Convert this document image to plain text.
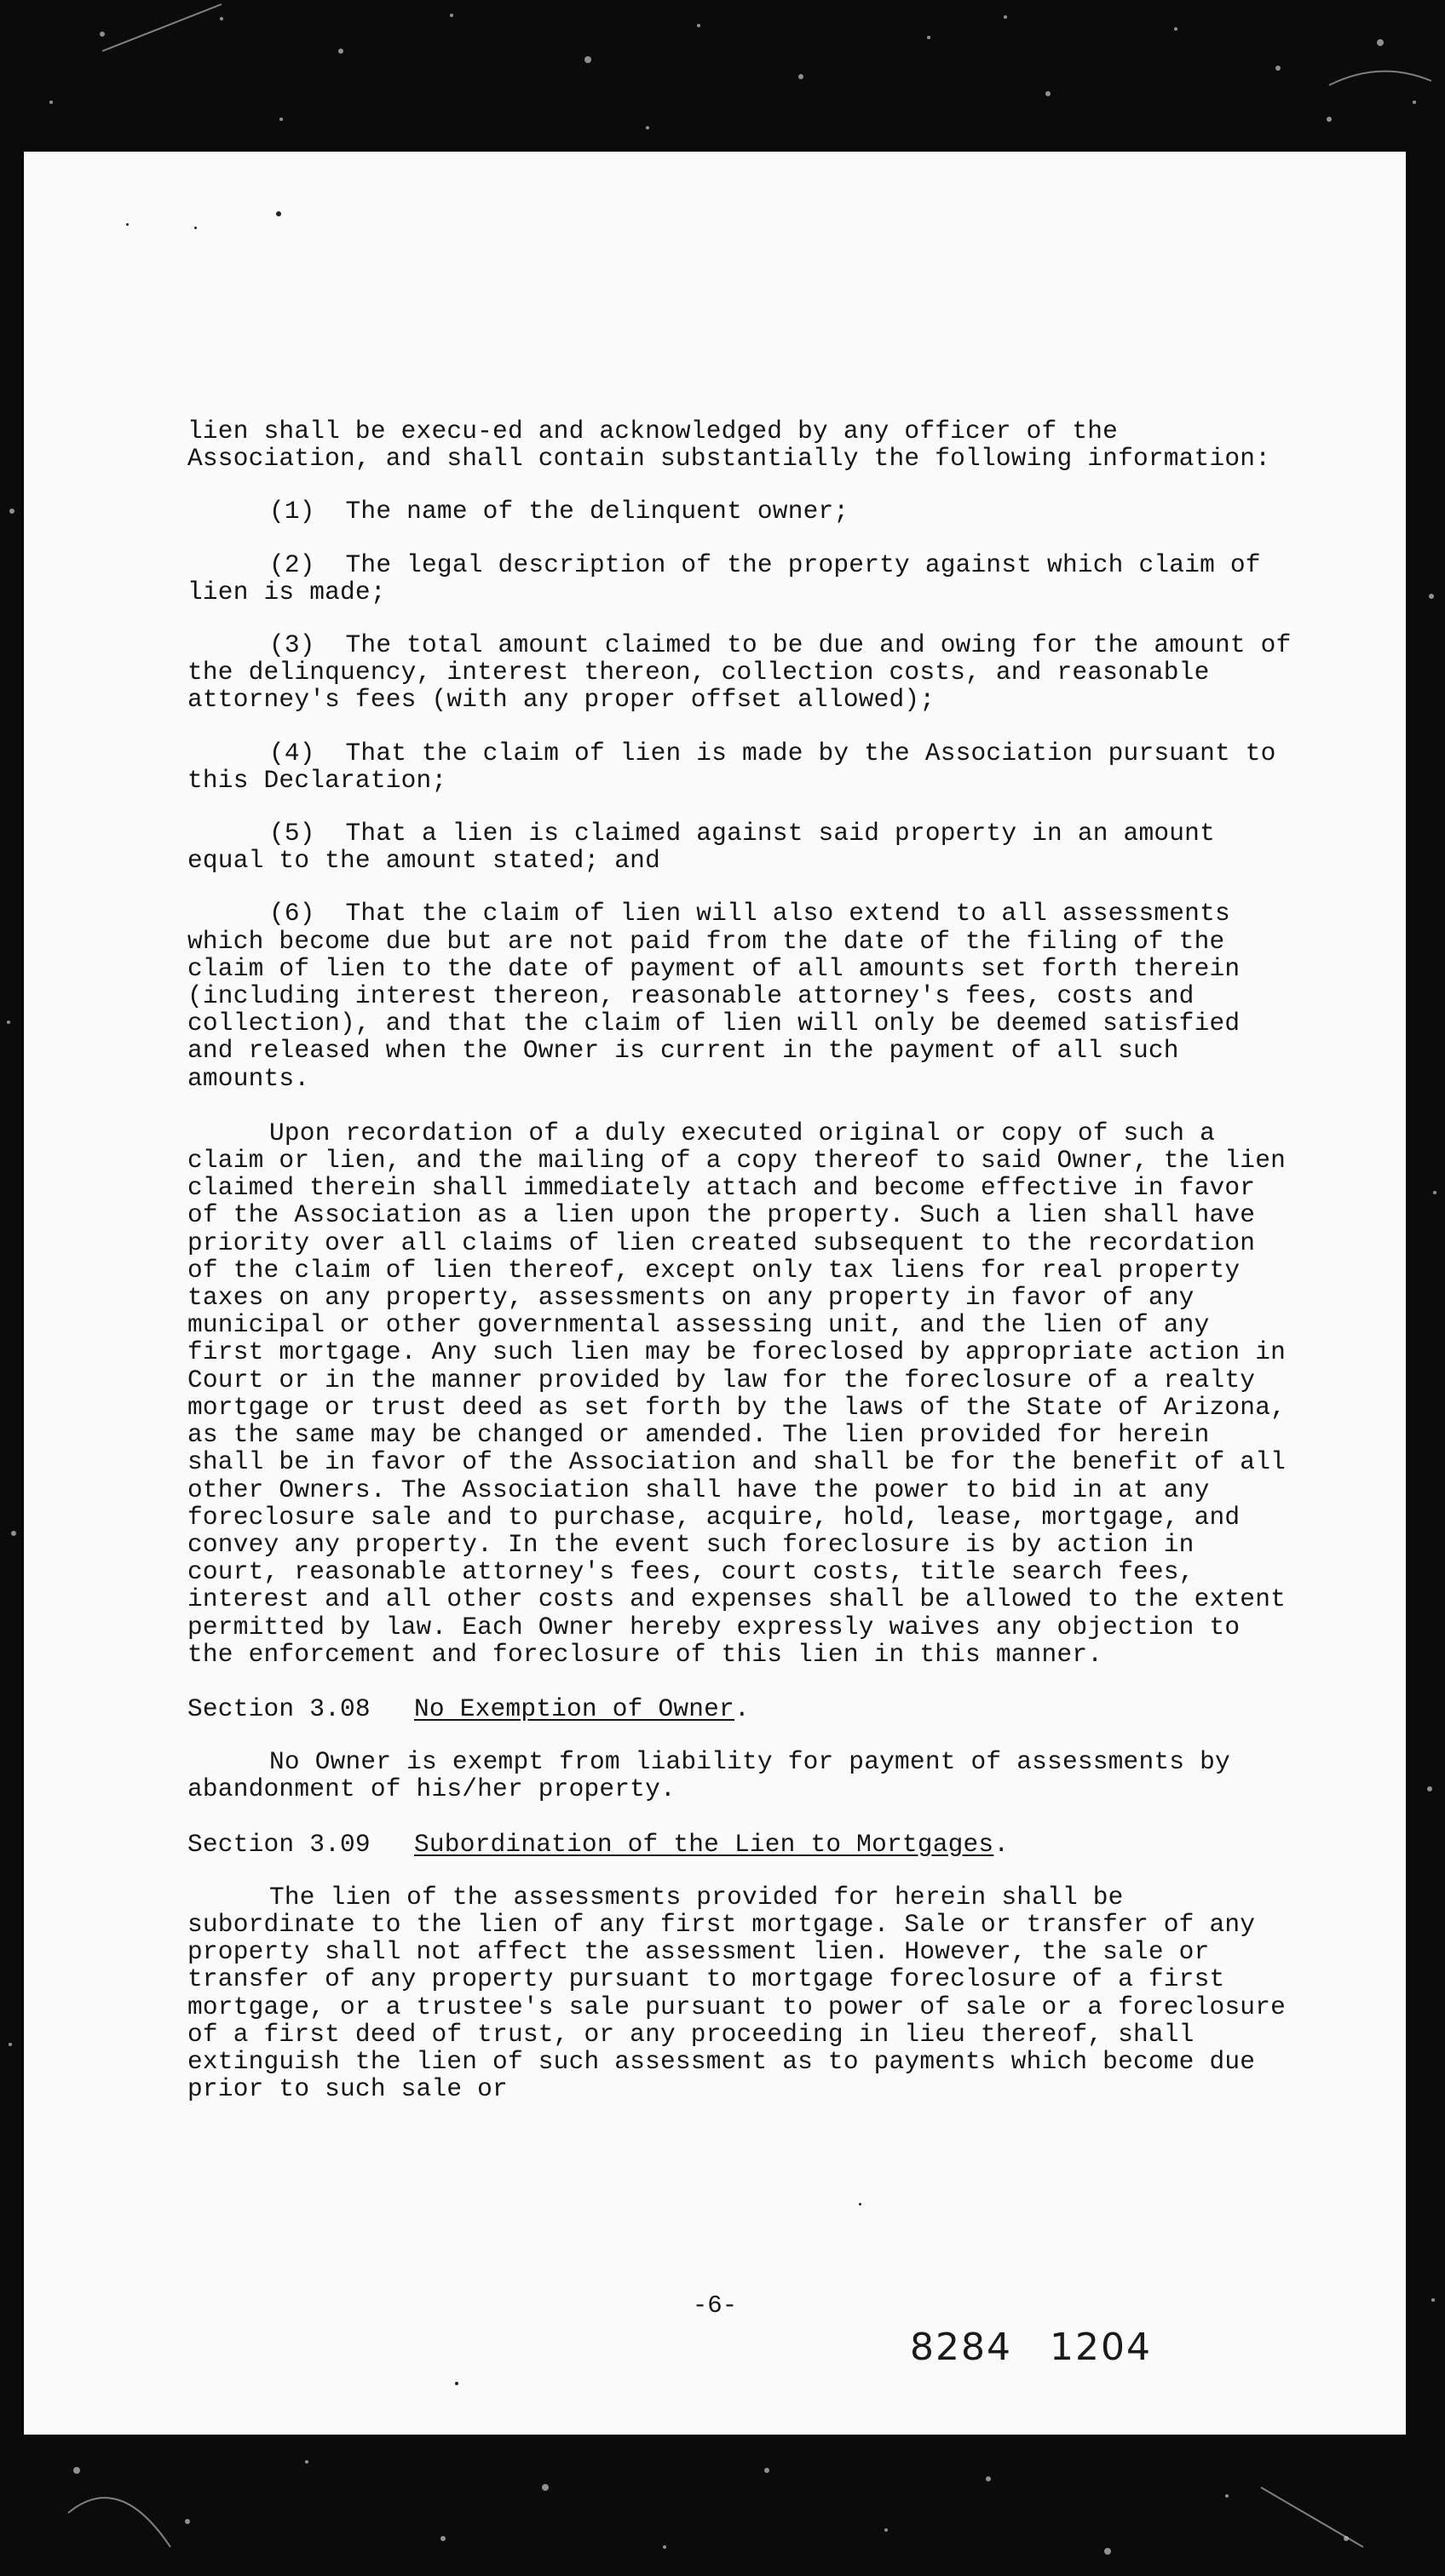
lien shall be execu-ed and acknowledged by any officer of the Association, and shall contain substantially the following information:

(1)  The name of the delinquent owner;

(2)  The legal description of the property against which claim of lien is made;

(3)  The total amount claimed to be due and owing for the amount of the delinquency, interest thereon, collection costs, and reasonable attorney's fees (with any proper offset allowed);

(4)  That the claim of lien is made by the Association pursuant to this Declaration;

(5)  That a lien is claimed against said property in an amount equal to the amount stated; and

(6)  That the claim of lien will also extend to all assessments which become due but are not paid from the date of the filing of the claim of lien to the date of payment of all amounts set forth therein (including interest thereon, reasonable attorney's fees, costs and collection), and that the claim of lien will only be deemed satisfied and released when the Owner is current in the payment of all such amounts.

Upon recordation of a duly executed original or copy of such a claim or lien, and the mailing of a copy thereof to said Owner, the lien claimed therein shall immediately attach and become effective in favor of the Association as a lien upon the property. Such a lien shall have priority over all claims of lien created subsequent to the recordation of the claim of lien thereof, except only tax liens for real property taxes on any property, assessments on any property in favor of any municipal or other governmental assessing unit, and the lien of any first mortgage. Any such lien may be foreclosed by appropriate action in Court or in the manner provided by law for the foreclosure of a realty mortgage or trust deed as set forth by the laws of the State of Arizona, as the same may be changed or amended. The lien provided for herein shall be in favor of the Association and shall be for the benefit of all other Owners. The Association shall have the power to bid in at any foreclosure sale and to purchase, acquire, hold, lease, mortgage, and convey any property. In the event such foreclosure is by action in court, reasonable attorney's fees, court costs, title search fees, interest and all other costs and expenses shall be allowed to the extent permitted by law. Each Owner hereby expressly waives any objection to the enforcement and foreclosure of this lien in this manner.

Section 3.08 No Exemption of Owner.

No Owner is exempt from liability for payment of assessments by abandonment of his/her property.

Section 3.09 Subordination of the Lien to Mortgages.

The lien of the assessments provided for herein shall be subordinate to the lien of any first mortgage. Sale or transfer of any property shall not affect the assessment lien. However, the sale or transfer of any property pursuant to mortgage foreclosure of a first mortgage, or a trustee's sale pursuant to power of sale or a foreclosure of a first deed of trust, or any proceeding in lieu thereof, shall extinguish the lien of such assessment as to payments which become due prior to such sale or

-6-
8284 1204
